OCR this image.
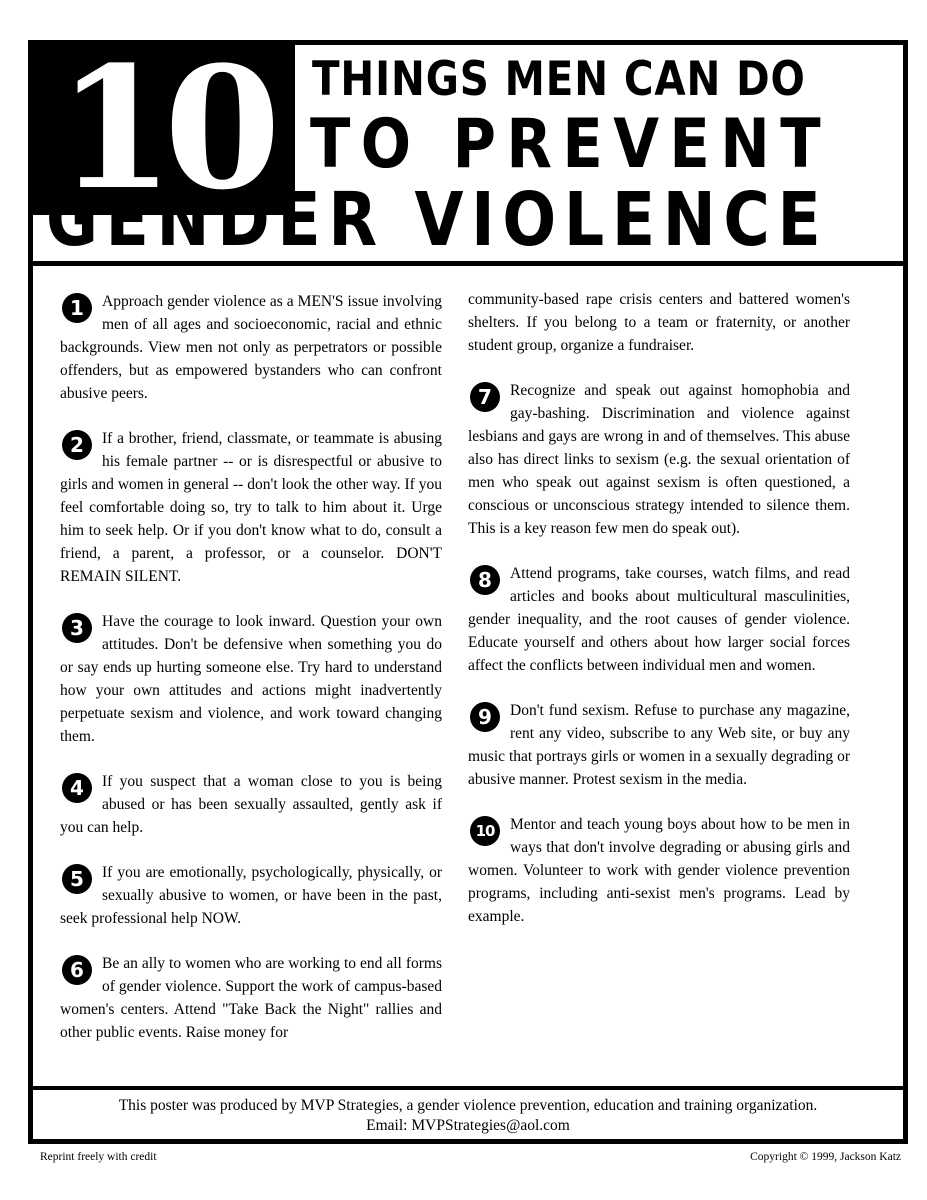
10 THINGS MEN CAN DO
TO PREVENT
GENDER VIOLENCE
1	Approach gender violence as a MEN'S issue involving men of all ages and socioeconomic, racial and ethnic backgrounds. View men not only as perpetrators or possible offenders, but as empowered bystanders who can confront abusive peers.

2	If a brother, friend, classmate, or teammate is abusing his female partner -- or is disrespectful or abusive to girls and women in general -- don't look the other way. If you feel comfortable doing so, try to talk to him about it. Urge him to seek help. Or if you don't know what to do, consult a friend, a parent, a professor, or a counselor. DON'T REMAIN SILENT.

3	Have the courage to look inward. Question your own attitudes. Don't be defensive when something you do or say ends up hurting someone else. Try hard to understand how your own attitudes and actions might inadvertently perpetuate sexism and violence, and work toward changing them.

4	If you suspect that a woman close to you is being abused or has been sexually assaulted, gently ask if you can help.

5	If you are emotionally, psychologically, physically, or sexually abusive to women, or have been in the past, seek professional help NOW.

6	Be an ally to women who are working to end all forms of gender violence. Support the work of campus-based women's centers. Attend "Take Back the Night" rallies and other public events. Raise money for

community-based rape crisis centers and battered women's shelters. If you belong to a team or fraternity, or another student group, organize a fundraiser.

7	Recognize and speak out against homophobia and gay-bashing. Discrimination and violence against lesbians and gays are wrong in and of themselves. This abuse also has direct links to sexism (e.g. the sexual orientation of men who speak out against sexism is often questioned, a conscious or unconscious strategy intended to silence them. This is a key reason few men do speak out).

8	Attend programs, take courses, watch films, and read articles and books about multicultural masculinities, gender inequality, and the root causes of gender violence. Educate yourself and others about how larger social forces affect the conflicts between individual men and women.

9	Don't fund sexism. Refuse to purchase any magazine, rent any video, subscribe to any Web site, or buy any music that portrays girls or women in a sexually degrading or abusive manner. Protest sexism in the media.

10	Mentor and teach young boys about how to be men in ways that don't involve degrading or abusing girls and women. Volunteer to work with gender violence prevention programs, including anti-sexist men's programs. Lead by example.

This poster was produced by MVP Strategies, a gender violence prevention, education and training organization.
Email: MVPStrategies@aol.com
Reprint freely with credit	Copyright © 1999, Jackson Katz
